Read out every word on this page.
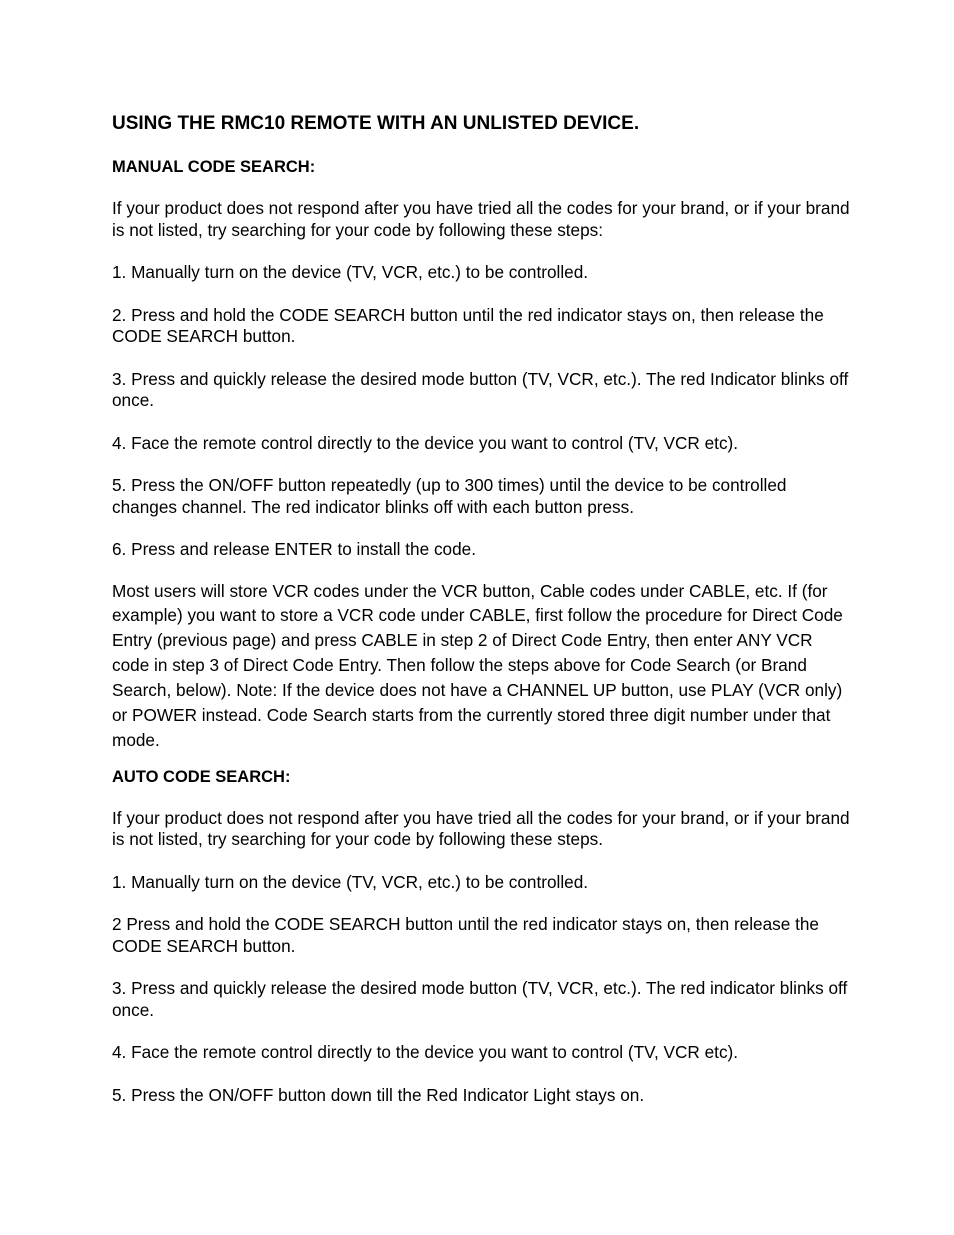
USING THE RMC10 REMOTE WITH AN UNLISTED DEVICE.
MANUAL CODE SEARCH:
If your product does not respond after you have tried all the codes for your brand, or if your brand is not listed, try searching for your code by following these steps:
1. Manually turn on the device (TV, VCR, etc.) to be controlled.
2. Press and hold the CODE SEARCH button until the red indicator stays on, then release the CODE SEARCH button.
3. Press and quickly release the desired mode button (TV, VCR, etc.). The red Indicator blinks off once.
4. Face the remote control directly to the device you want to control (TV, VCR etc).
5. Press the ON/OFF button repeatedly (up to 300 times) until the device to be controlled changes channel. The red indicator blinks off with each button press.
6. Press and release ENTER to install the code.
Most users will store VCR codes under the VCR button, Cable codes under CABLE, etc. If (for example) you want to store a VCR code under CABLE, first follow the procedure for Direct Code Entry (previous page) and press CABLE in step 2 of Direct Code Entry, then enter ANY VCR code in step 3 of Direct Code Entry. Then follow the steps above for Code Search (or Brand Search, below). Note: If the device does not have a CHANNEL UP button, use PLAY (VCR only) or POWER instead. Code Search starts from the currently stored three digit number under that mode.
AUTO CODE SEARCH:
If your product does not respond after you have tried all the codes for your brand, or if your brand is not listed, try searching for your code by following these steps.
1. Manually turn on the device (TV, VCR, etc.) to be controlled.
2 Press and hold the CODE SEARCH button until the red indicator stays on, then release the CODE SEARCH button.
3. Press and quickly release the desired mode button (TV, VCR, etc.). The red indicator blinks off once.
4. Face the remote control directly to the device you want to control (TV, VCR etc).
5. Press the ON/OFF button down till the Red Indicator Light stays on.
